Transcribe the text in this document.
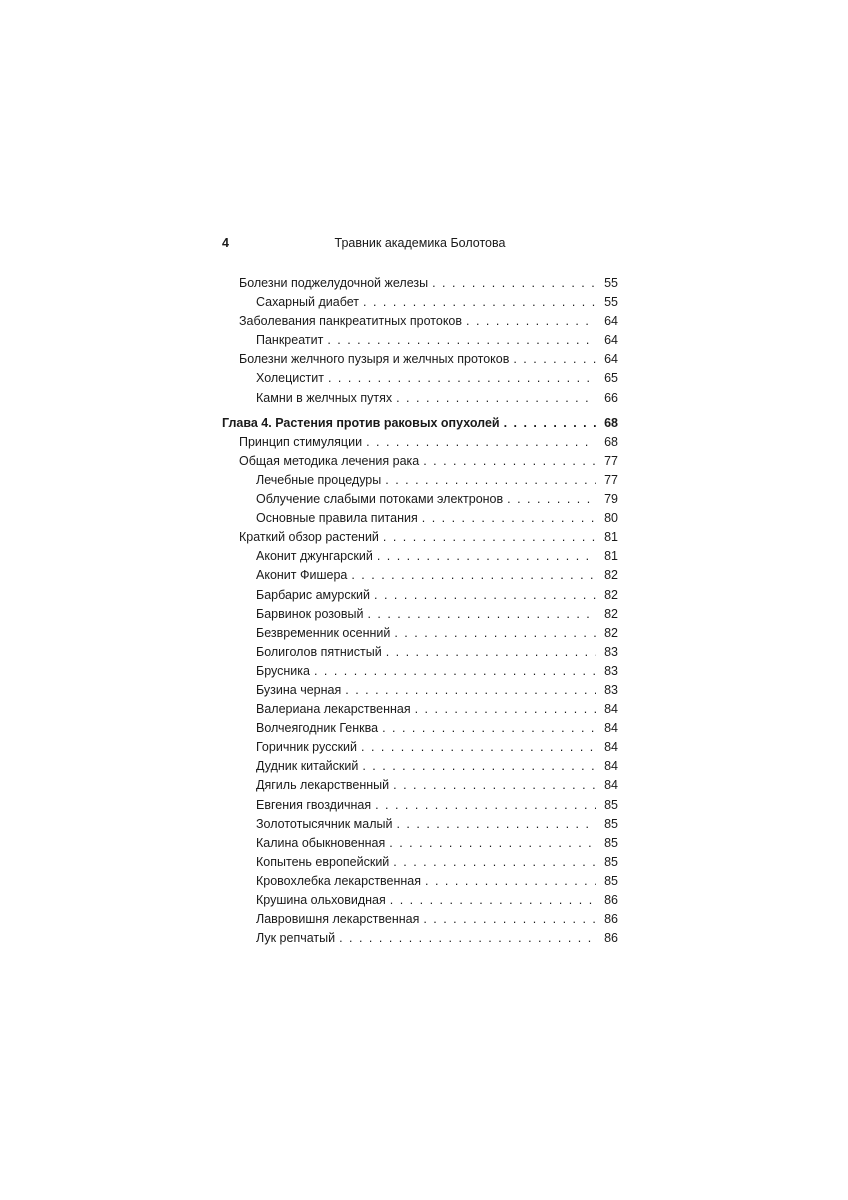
4	Травник академика Болотова
Болезни поджелудочной железы . . .	55
Сахарный диабет . . .	55
Заболевания панкреатитных протоков . . .	64
Панкреатит . . .	64
Болезни желчного пузыря и желчных протоков . . .	64
Холецистит . . .	65
Камни в желчных путях . . .	66
Глава 4. Растения против раковых опухолей . . .	68
Принцип стимуляции . . .	68
Общая методика лечения рака . . .	77
Лечебные процедуры . . .	77
Облучение слабыми потоками электронов . . .	79
Основные правила питания . . .	80
Краткий обзор растений . . .	81
Аконит джунгарский . . .	81
Аконит Фишера . . .	82
Барбарис амурский . . .	82
Барвинок розовый . . .	82
Безвременник осенний . . .	82
Болиголов пятнистый . . .	83
Брусника . . .	83
Бузина черная . . .	83
Валериана лекарственная . . .	84
Волчеягодник Генква . . .	84
Горичник русский . . .	84
Дудник китайский . . .	84
Дягиль лекарственный . . .	84
Евгения гвоздичная . . .	85
Золототысячник малый . . .	85
Калина обыкновенная . . .	85
Копытень европейский . . .	85
Кровохлебка лекарственная . . .	85
Крушина ольховидная . . .	86
Лавровишня лекарственная . . .	86
Лук репчатый . . .	86
